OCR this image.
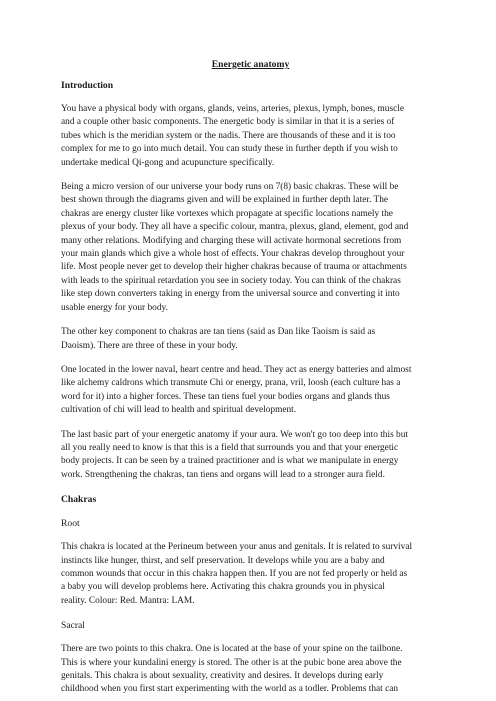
Energetic anatomy
Introduction
You have a physical body with organs, glands, veins, arteries, plexus, lymph, bones, muscle
and a couple other basic components. The energetic body is similar in that it is a series of
tubes which is the meridian system or the nadis. There are thousands of these and it is too
complex for me to go into much detail. You can study these in further depth if you wish to
undertake medical Qi-gong and acupuncture specifically.
Being a micro version of our universe your body runs on 7(8) basic chakras. These will be
best shown through the diagrams given and will be explained in further depth later. The
chakras are energy cluster like vortexes which propagate at specific locations namely the
plexus of your body. They all have a specific colour, mantra, plexus, gland, element, god and
many other relations. Modifying and charging these will activate hormonal secretions from
your main glands which give a whole host of effects. Your chakras develop throughout your
life. Most people never get to develop their higher chakras because of trauma or attachments
with leads to the spiritual retardation you see in society today. You can think of the chakras
like step down converters taking in energy from the universal source and converting it into
usable energy for your body.
The other key component to chakras are tan tiens (said as Dan like Taoism is said as
Daoism). There are three of these in your body.
One located in the lower naval, heart centre and head. They act as energy batteries and almost
like alchemy caldrons which transmute Chi or energy, prana, vril, loosh (each culture has a
word for it) into a higher forces. These tan tiens fuel your bodies organs and glands thus
cultivation of chi will lead to health and spiritual development.
The last basic part of your energetic anatomy if your aura. We won't go too deep into this but
all you really need to know is that this is a field that surrounds you and that your energetic
body projects. It can be seen by a trained practitioner and is what we manipulate in energy
work. Strengthening the chakras, tan tiens and organs will lead to a stronger aura field.
Chakras
Root
This chakra is located at the Perineum between your anus and genitals. It is related to survival
instincts like hunger, thirst, and self preservation. It develops while you are a baby and
common wounds that occur in this chakra happen then. If you are not fed properly or held as
a baby you will develop problems here. Activating this chakra grounds you in physical
reality. Colour: Red. Mantra: LAM.
Sacral
There are two points to this chakra. One is located at the base of your spine on the tailbone.
This is where your kundalini energy is stored. The other is at the pubic bone area above the
genitals. This chakra is about sexuality, creativity and desires. It develops during early
childhood when you first start experimenting with the world as a todler. Problems that can
